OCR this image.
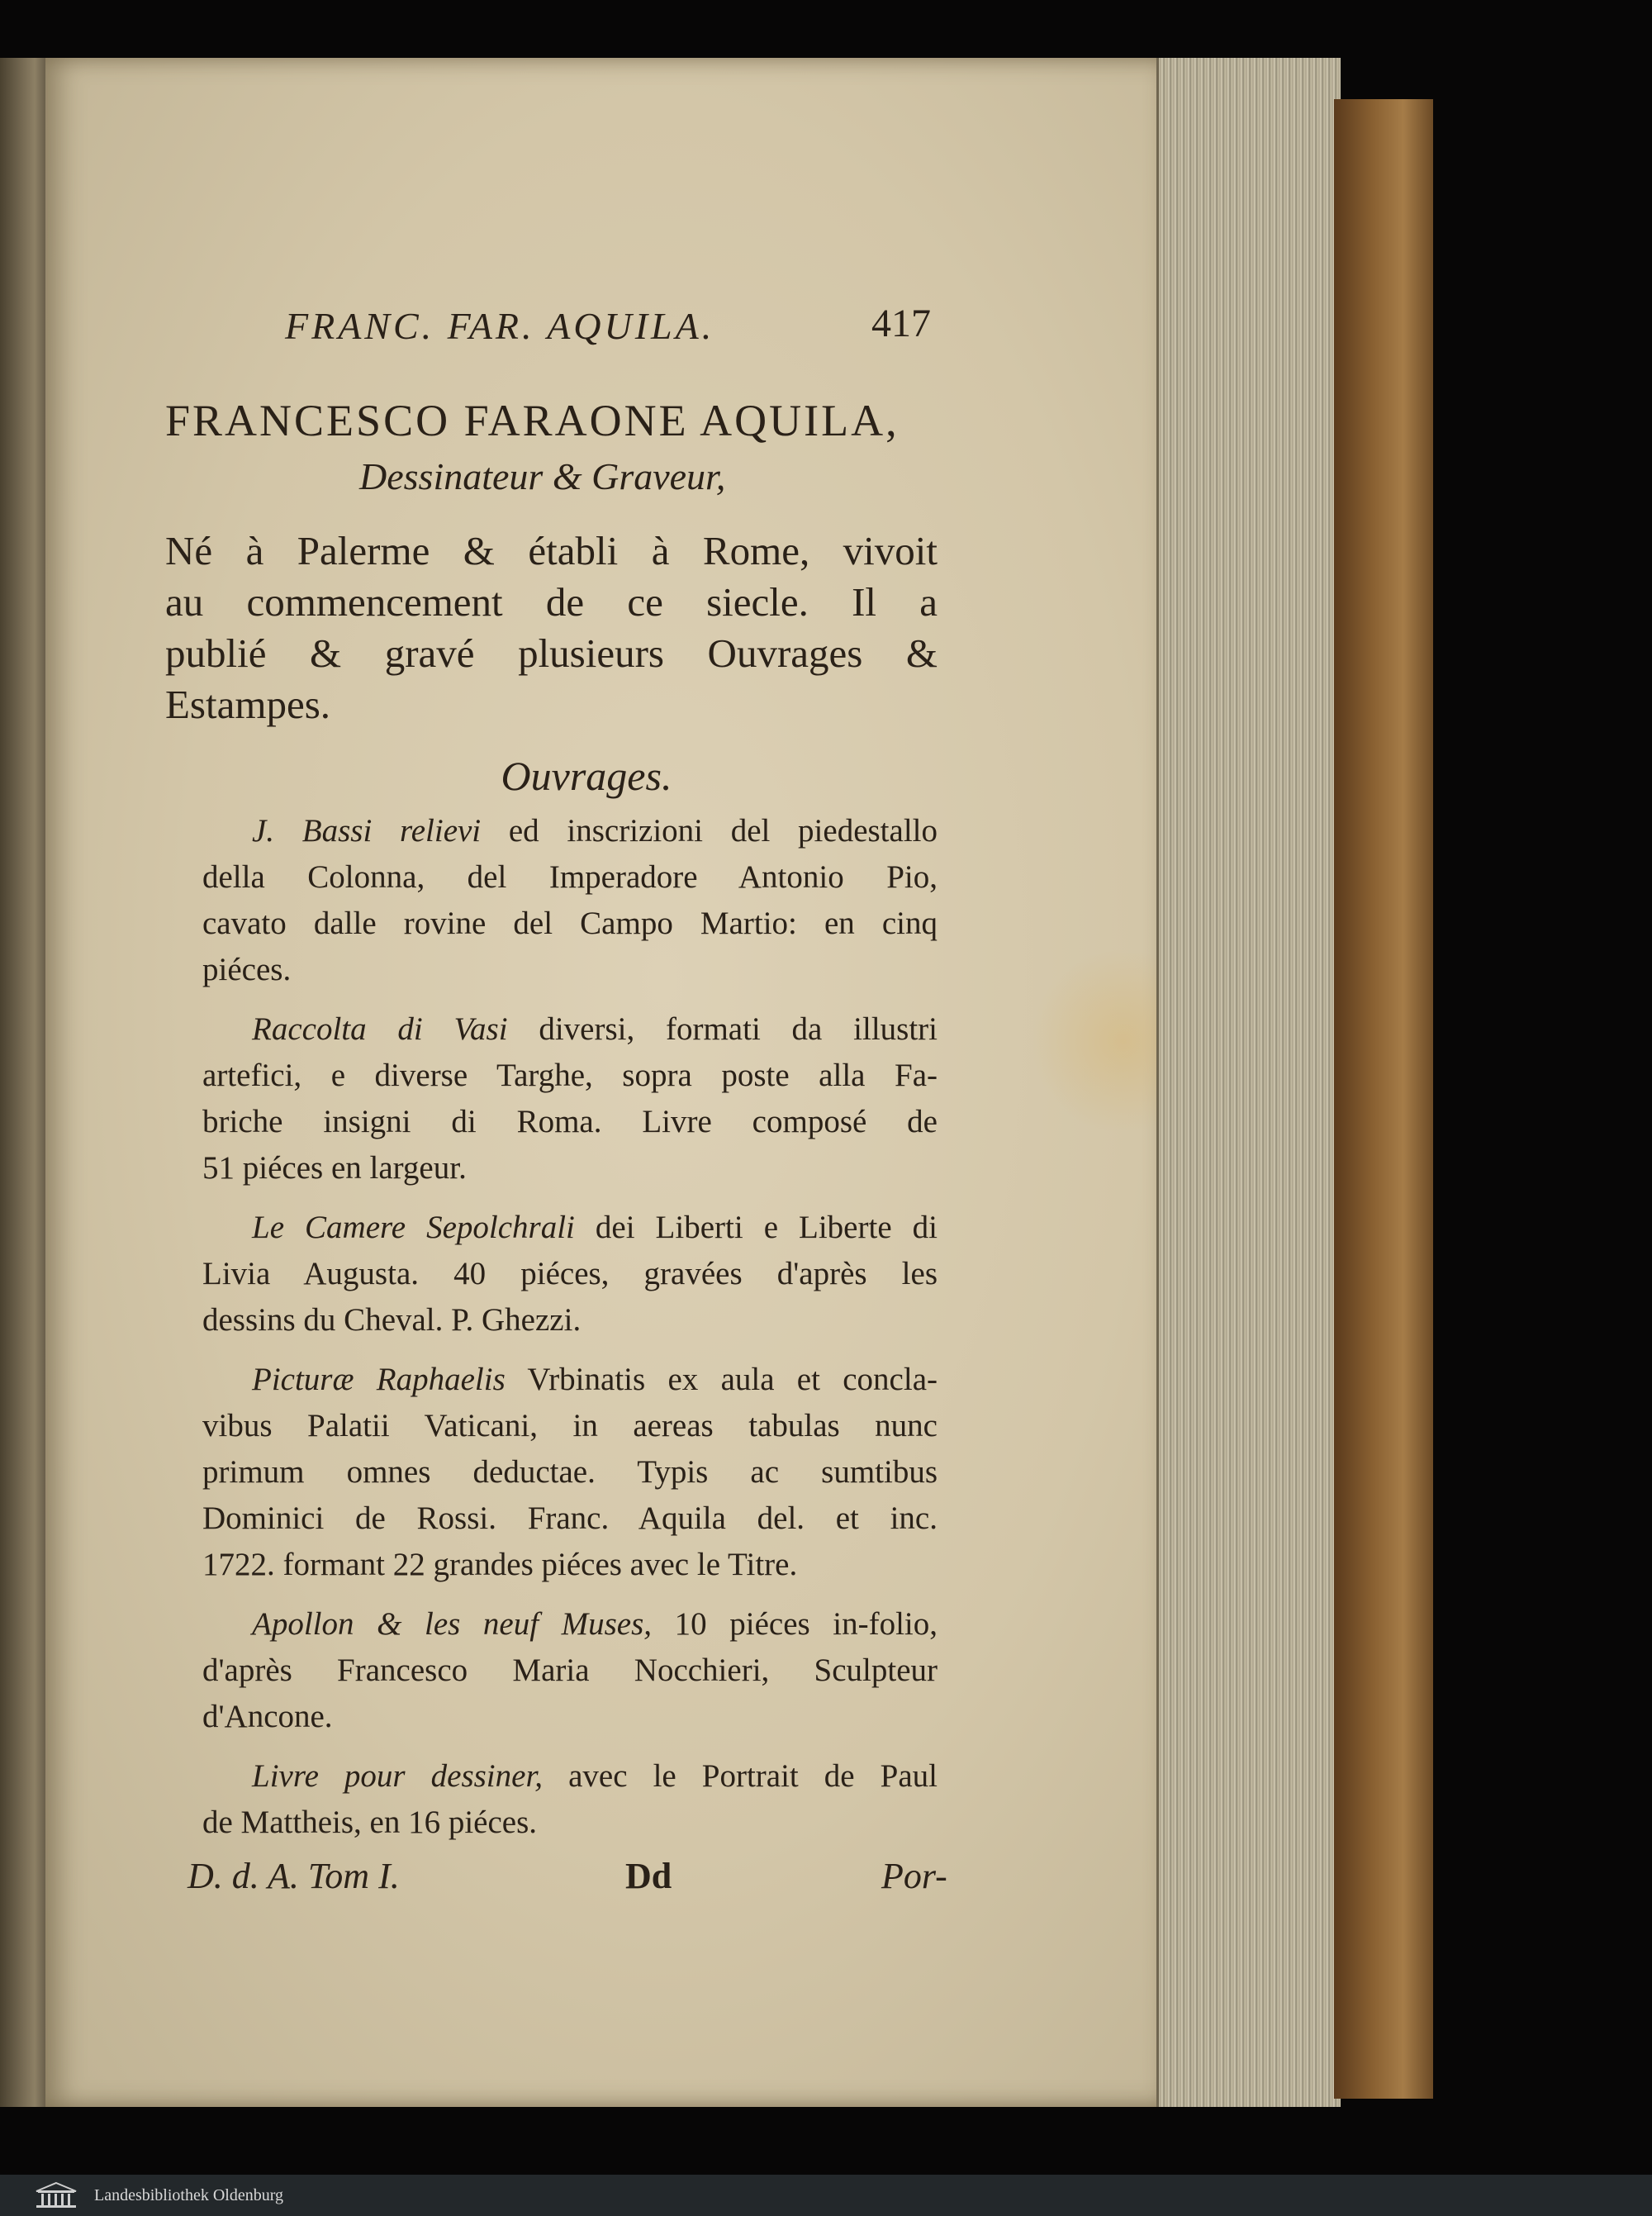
FRANC. FAR. AQUILA.	417
FRANCESCO FARAONE AQUILA,
Dessinateur & Graveur,
Né à Palerme & établi à Rome, vivoit
au commencement de ce siecle. Il a
publié & gravé plusieurs Ouvrages &
Estampes.
Ouvrages.
J. Bassi relievi ed inscrizioni del piedestallo
della Colonna, del Imperadore Antonio Pio,
cavato dalle rovine del Campo Martio: en cinq
piéces.
Raccolta di Vasi diversi, formati da illustri
artefici, e diverse Targhe, sopra poste alla Fa-
briche insigni di Roma. Livre composé de
51 piéces en largeur.
Le Camere Sepolchrali dei Liberti e Liberte di
Livia Augusta. 40 piéces, gravées d'après les
dessins du Cheval. P. Ghezzi.
Picturæ Raphaelis Vrbinatis ex aula et concla-
vibus Palatii Vaticani, in aereas tabulas nunc
primum omnes deductae. Typis ac sumtibus
Dominici de Rossi. Franc. Aquila del. et inc.
1722. formant 22 grandes piéces avec le Titre.
Apollon & les neuf Muses, 10 piéces in-folio,
d'après Francesco Maria Nocchieri, Sculpteur
d'Ancone.
Livre pour dessiner, avec le Portrait de Paul
de Mattheis, en 16 piéces.
D. d. A. Tom I.	Dd	Por-
Landesbibliothek Oldenburg
